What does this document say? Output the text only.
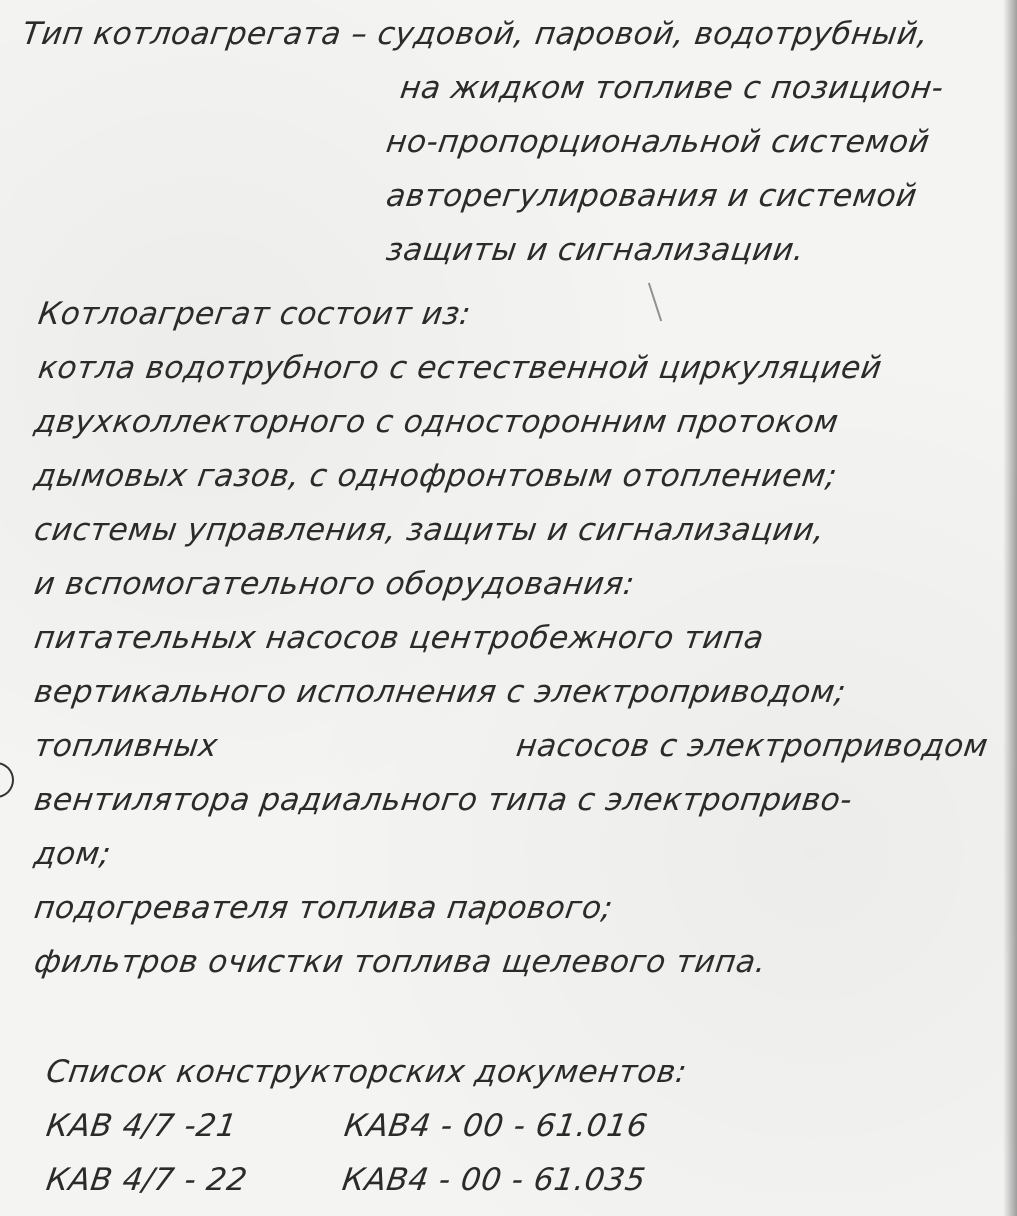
Тип котлоагрегата – судовой, паровой, водотрубный,
на жидком топливе с позицион-
но-пропорциональной системой
авторегулирования и системой
защиты и сигнализации.
Котлоагрегат состоит из:
котла водотрубного с естественной циркуляцией
двухколлекторного с односторонним протоком
дымовых газов, с однофронтовым отоплением;
системы управления, защиты и сигнализации,
и вспомогательного оборудования:
питательных насосов центробежного типа
вертикального исполнения с электроприводом;
топливных	насосов с электроприводом
вентилятора радиального типа с электроприво-
дом;
подогревателя топлива парового;
фильтров очистки топлива щелевого типа.
Список конструкторских документов:
КАВ 4/7 -21	КАВ4 - 00 - 61.016
КАВ 4/7 - 22	КАВ4 - 00 - 61.035
